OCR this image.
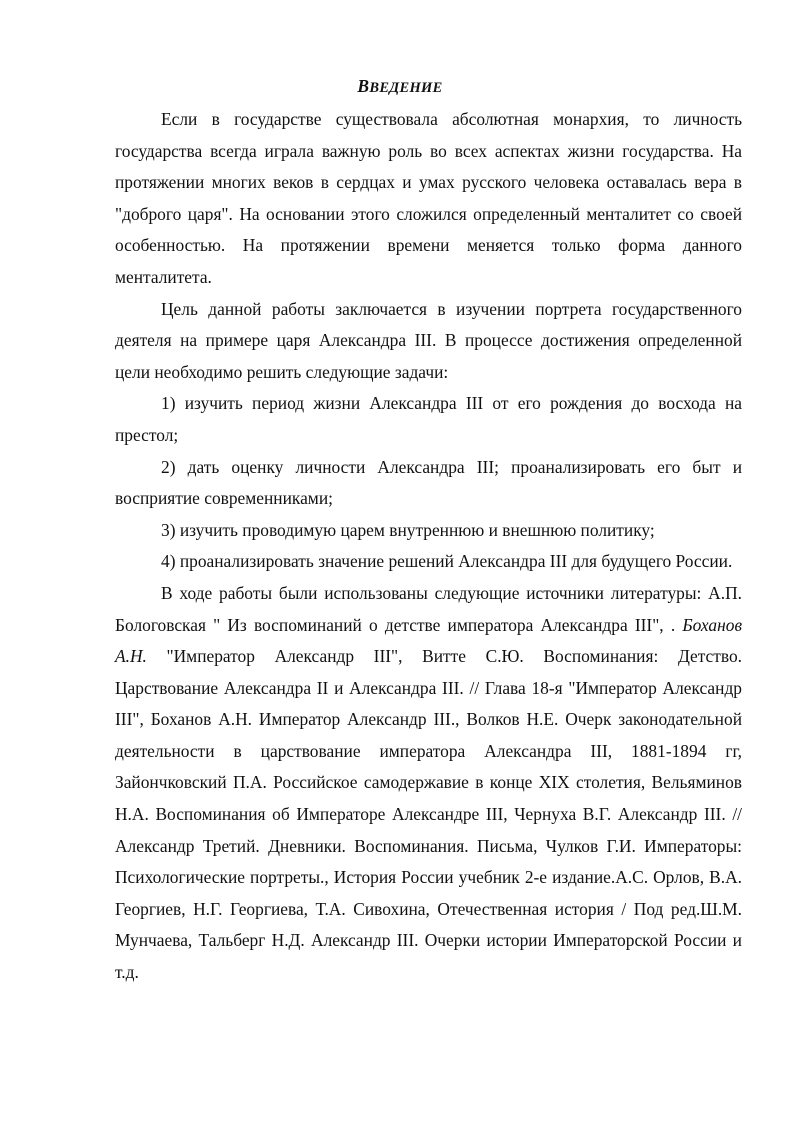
ВВЕДЕНИЕ

Если в государстве существовала абсолютная монархия, то личность государства всегда играла важную роль во всех аспектах жизни государства. На протяжении многих веков в сердцах и умах русского человека оставалась вера в "доброго царя". На основании этого сложился определенный менталитет со своей особенностью. На протяжении времени меняется только форма данного менталитета.

Цель данной работы заключается в изучении портрета государственного деятеля на примере царя Александра III. В процессе достижения определенной цели необходимо решить следующие задачи:

1) изучить период жизни Александра III от его рождения до восхода на престол;

2) дать оценку личности Александра III; проанализировать его быт и восприятие современниками;

3) изучить проводимую царем внутреннюю и внешнюю политику;

4) проанализировать значение решений Александра III для будущего России.

В ходе работы были использованы следующие источники литературы: А.П. Бологовская " Из воспоминаний о детстве императора Александра III", . Боханов А.Н. "Император Александр III", Витте С.Ю. Воспоминания: Детство. Царствование Александра II и Александра III. // Глава 18-я "Император Александр III", Боханов А.Н. Император Александр III., Волков Н.Е. Очерк законодательной деятельности в царствование императора Александра III, 1881-1894 гг, Зайончковский П.А. Российское самодержавие в конце XIX столетия, Вельяминов Н.А. Воспоминания об Императоре Александре III, Чернуха В.Г. Александр III. // Александр Третий. Дневники. Воспоминания. Письма, Чулков Г.И. Императоры: Психологические портреты., История России учебник 2-е издание.А.С. Орлов, В.А. Георгиев, Н.Г. Георгиева, Т.А. Сивохина, Отечественная история / Под ред.Ш.М. Мунчаева, Тальберг Н.Д. Александр III. Очерки истории Императорской России и т.д.
